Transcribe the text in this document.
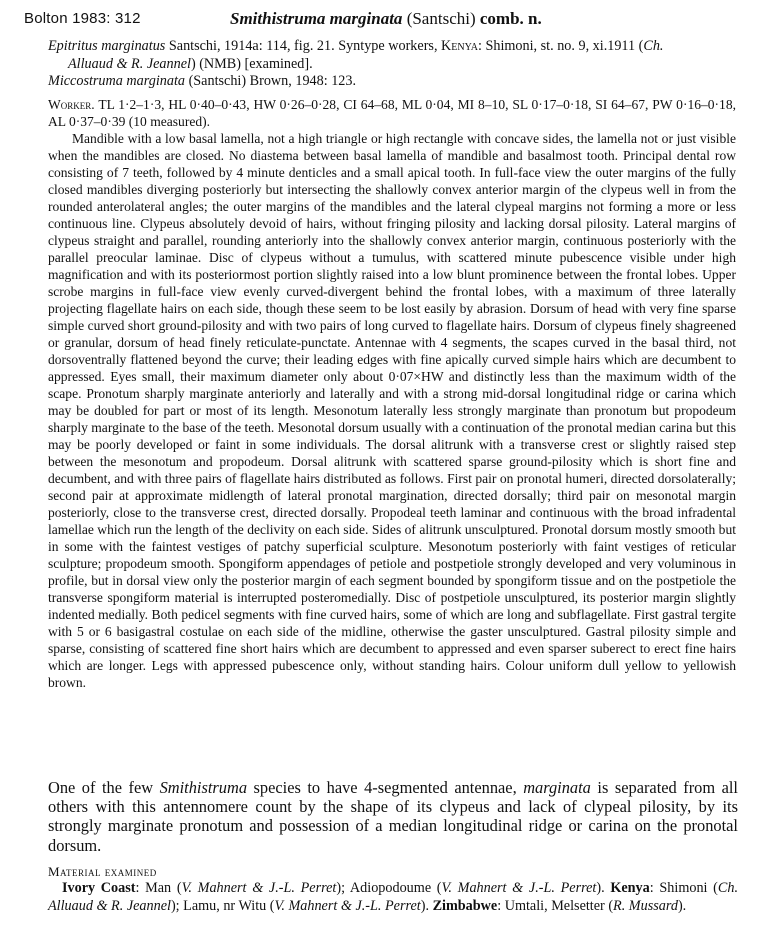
Bolton 1983: 312	Smithistruma marginata (Santschi) comb. n.

Epitritus marginatus Santschi, 1914a: 114, fig. 21. Syntype workers, Kenya: Shimoni, st. no. 9, xi.1911 (Ch.

Alluaud & R. Jeannel) (NMB) [examined].

Miccostruma marginata (Santschi) Brown, 1948: 123.

Worker. TL 1·2–1·3, HL 0·40–0·43, HW 0·26–0·28, CI 64–68, ML 0·04, MI 8–10, SL 0·17–0·18, SI 64–67, PW 0·16–0·18, AL 0·37–0·39 (10 measured).

Mandible with a low basal lamella, not a high triangle or high rectangle with concave sides, the lamella not or just visible when the mandibles are closed. No diastema between basal lamella of mandible and basalmost tooth. Principal dental row consisting of 7 teeth, followed by 4 minute denticles and a small apical tooth. In full-face view the outer margins of the fully closed mandibles diverging posteriorly but intersecting the shallowly convex anterior margin of the clypeus well in from the rounded anterolateral angles; the outer margins of the mandibles and the lateral clypeal margins not forming a more or less continuous line. Clypeus absolutely devoid of hairs, without fringing pilosity and lacking dorsal pilosity. Lateral margins of clypeus straight and parallel, rounding anteriorly into the shallowly convex anterior margin, continuous posteriorly with the parallel preocular laminae. Disc of clypeus without a tumulus, with scattered minute pubescence visible under high magnification and with its posteriormost portion slightly raised into a low blunt prominence between the frontal lobes. Upper scrobe margins in full-face view evenly curved-divergent behind the frontal lobes, with a maximum of three laterally projecting flagellate hairs on each side, though these seem to be lost easily by abrasion. Dorsum of head with very fine sparse simple curved short ground-pilosity and with two pairs of long curved to flagellate hairs. Dorsum of clypeus finely shagreened or granular, dorsum of head finely reticulate-punctate. Antennae with 4 segments, the scapes curved in the basal third, not dorsoventrally flattened beyond the curve; their leading edges with fine apically curved simple hairs which are decumbent to appressed. Eyes small, their maximum diameter only about 0·07×HW and distinctly less than the maximum width of the scape. Pronotum sharply marginate anteriorly and laterally and with a strong mid-dorsal longitudinal ridge or carina which may be doubled for part or most of its length. Mesonotum laterally less strongly marginate than pronotum but propodeum sharply marginate to the base of the teeth. Mesonotal dorsum usually with a continuation of the pronotal median carina but this may be poorly developed or faint in some individuals. The dorsal alitrunk with a transverse crest or slightly raised step between the mesonotum and propodeum. Dorsal alitrunk with scattered sparse ground-pilosity which is short fine and decumbent, and with three pairs of flagellate hairs distributed as follows. First pair on pronotal humeri, directed dorsolaterally; second pair at approximate midlength of lateral pronotal margination, directed dorsally; third pair on mesonotal margin posteriorly, close to the transverse crest, directed dorsally. Propodeal teeth laminar and continuous with the broad infradental lamellae which run the length of the declivity on each side. Sides of alitrunk unsculptured. Pronotal dorsum mostly smooth but in some with the faintest vestiges of patchy superficial sculpture. Mesonotum posteriorly with faint vestiges of reticular sculpture; propodeum smooth. Spongiform appendages of petiole and postpetiole strongly developed and very voluminous in profile, but in dorsal view only the posterior margin of each segment bounded by spongiform tissue and on the postpetiole the transverse spongiform material is interrupted posteromedially. Disc of postpetiole unsculptured, its posterior margin slightly indented medially. Both pedicel segments with fine curved hairs, some of which are long and subflagellate. First gastral tergite with 5 or 6 basigastral costulae on each side of the midline, otherwise the gaster unsculptured. Gastral pilosity simple and sparse, consisting of scattered fine short hairs which are decumbent to appressed and even sparser suberect to erect fine hairs which are longer. Legs with appressed pubescence only, without standing hairs. Colour uniform dull yellow to yellowish brown.

One of the few Smithistruma species to have 4-segmented antennae, marginata is separated from all others with this antennomere count by the shape of its clypeus and lack of clypeal pilosity, by its strongly marginate pronotum and possession of a median longitudinal ridge or carina on the pronotal dorsum.
Material examined

Ivory Coast: Man (V. Mahnert & J.-L. Perret); Adiopodoume (V. Mahnert & J.-L. Perret). Kenya: Shimoni (Ch. Alluaud & R. Jeannel); Lamu, nr Witu (V. Mahnert & J.-L. Perret). Zimbabwe: Umtali, Melsetter (R. Mussard).
